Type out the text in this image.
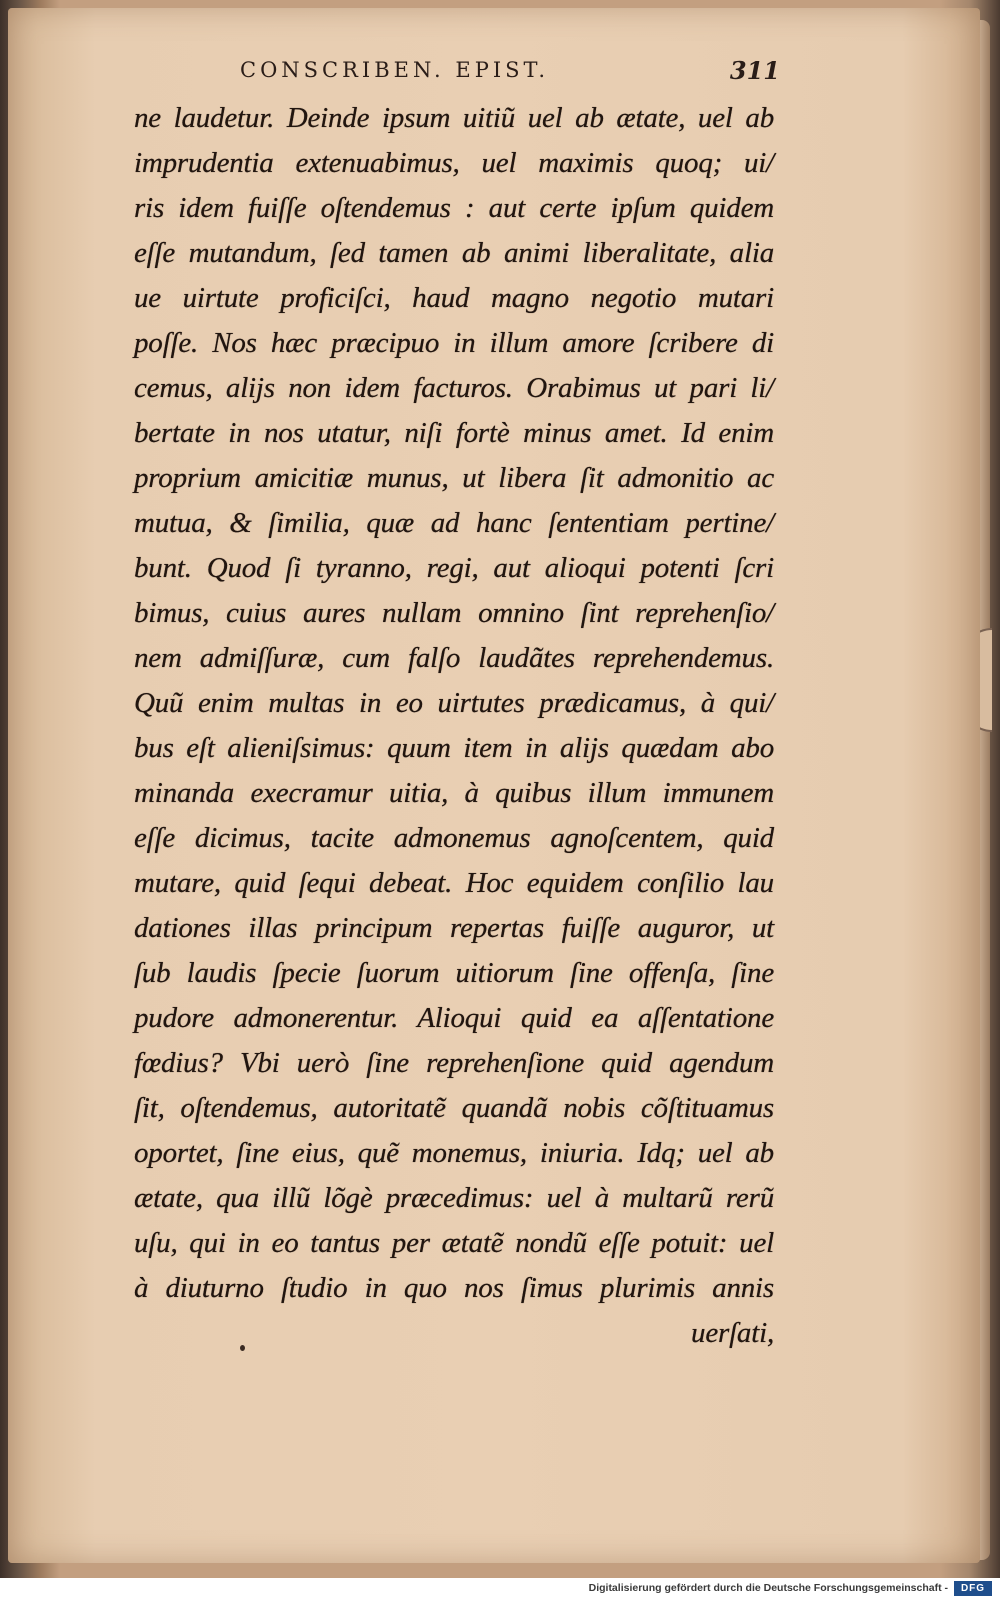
CONSCRIBEN. EPIST.	311
ne laudetur. Deinde ipsum uitiũ uel ab ætate, uel ab
imprudentia extenuabimus, uel maximis quoq; ui/
ris idem fuiſſe oſtendemus : aut certe ipſum quidem
eſſe mutandum, ſed tamen ab animi liberalitate, alia
ue uirtute proficiſci, haud magno negotio mutari
poſſe. Nos hæc præcipuo in illum amore ſcribere di
cemus, alijs non idem facturos. Orabimus ut pari li/
bertate in nos utatur, niſi fortè minus amet. Id enim
proprium amicitiæ munus, ut libera ſit admonitio ac
mutua, & ſimilia, quæ ad hanc ſententiam pertine/
bunt. Quod ſi tyranno, regi, aut alioqui potenti ſcri
bimus, cuius aures nullam omnino ſint reprehenſio/
nem admiſſuræ, cum falſo laudãtes reprehendemus.
Quũ enim multas in eo uirtutes prædicamus, à qui/
bus eſt alieniſsimus: quum item in alijs quædam abo
minanda execramur uitia, à quibus illum immunem
eſſe dicimus, tacite admonemus agnoſcentem, quid
mutare, quid ſequi debeat. Hoc equidem conſilio lau
dationes illas principum repertas fuiſſe auguror, ut
ſub laudis ſpecie ſuorum uitiorum ſine offenſa, ſine
pudore admonerentur. Alioqui quid ea aſſentatione
fœdius? Vbi uerò ſine reprehenſione quid agendum
ſit, oſtendemus, autoritatẽ quandã nobis cõſtituamus
oportet, ſine eius, quẽ monemus, iniuria. Idq; uel ab
ætate, qua illũ lõgè præcedimus: uel à multarũ rerũ
uſu, qui in eo tantus per ætatẽ nondũ eſſe potuit: uel
à diuturno ſtudio in quo nos ſimus plurimis annis
uerſati,
Digitalisierung gefördert durch die Deutsche Forschungsgemeinschaft -	DFG
